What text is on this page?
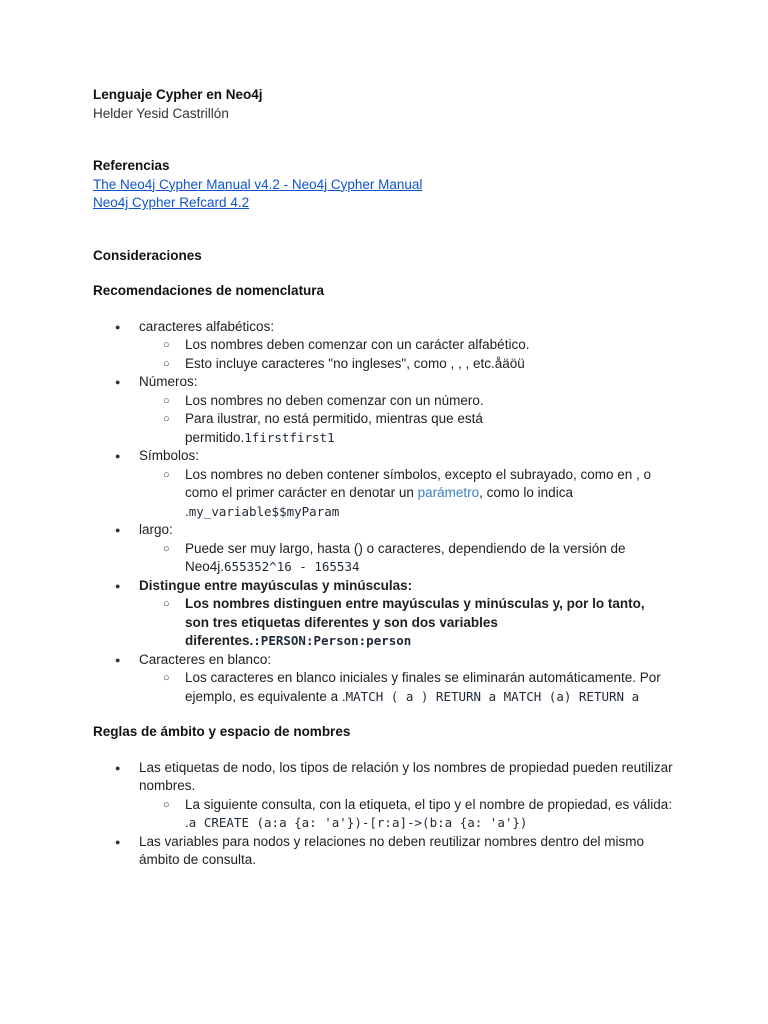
Lenguaje Cypher en Neo4j
Helder Yesid Castrillón
Referencias
The Neo4j Cypher Manual v4.2 - Neo4j Cypher Manual
Neo4j Cypher Refcard 4.2
Consideraciones
Recomendaciones de nomenclatura
● caracteres alfabéticos:
○ Los nombres deben comenzar con un carácter alfabético.
○ Esto incluye caracteres "no ingleses", como , , , etc.åäöü
● Números:
○ Los nombres no deben comenzar con un número.
○ Para ilustrar, no está permitido, mientras que está permitido.1firstfirst1
● Símbolos:
○ Los nombres no deben contener símbolos, excepto el subrayado, como en , o como el primer carácter en denotar un parámetro, como lo indica .my_variable$$myParam
● largo:
○ Puede ser muy largo, hasta () o caracteres, dependiendo de la versión de Neo4j.655352^16 - 165534
● Distingue entre mayúsculas y minúsculas:
○ Los nombres distinguen entre mayúsculas y minúsculas y, por lo tanto, son tres etiquetas diferentes y son dos variables diferentes.:PERSON:Person:person
● Caracteres en blanco:
○ Los caracteres en blanco iniciales y finales se eliminarán automáticamente. Por ejemplo, es equivalente a .MATCH ( a ) RETURN a MATCH (a) RETURN a
Reglas de ámbito y espacio de nombres
● Las etiquetas de nodo, los tipos de relación y los nombres de propiedad pueden reutilizar nombres.
○ La siguiente consulta, con la etiqueta, el tipo y el nombre de propiedad, es válida: .a CREATE (a:a {a: 'a'})-[r:a]->(b:a {a: 'a'})
● Las variables para nodos y relaciones no deben reutilizar nombres dentro del mismo ámbito de consulta.
